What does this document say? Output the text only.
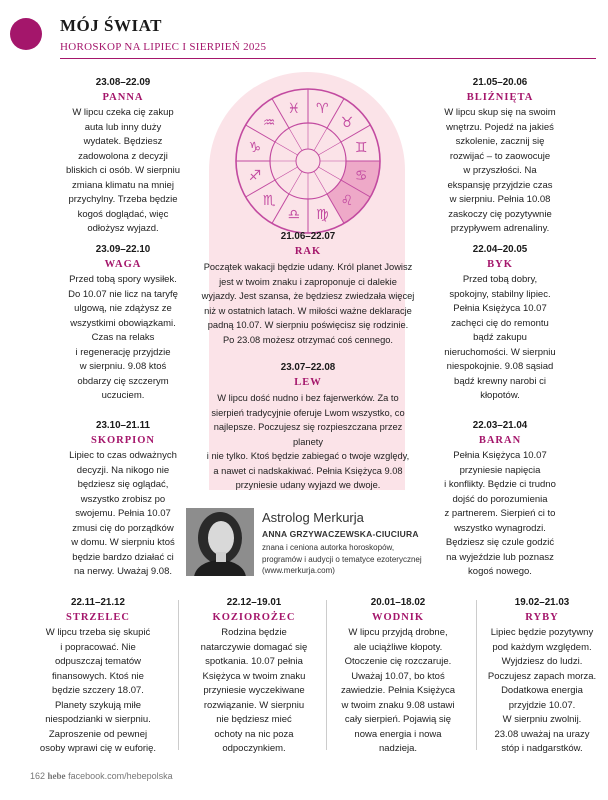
MÓJ ŚWIAT
HOROSKOP NA LIPIEC I SIERPIEŃ 2025
♈
♉
♊
♋
♌
♍
♎
♏
♐
♑
♒
♓
23.08–22.09
PANNA
W lipcu czeka cię zakup
auta lub inny duży
wydatek. Będziesz
zadowolona z decyzji
bliskich ci osób. W sierpniu
zmiana klimatu na mniej
przychylny. Trzeba będzie
kogoś doglądać, więc
odłożysz wyjazd.
23.09–22.10
WAGA
Przed tobą spory wysiłek.
Do 10.07 nie licz na taryfę
ulgową, nie zdążysz ze
wszystkimi obowiązkami.
Czas na relaks
i regenerację przyjdzie
w sierpniu. 9.08 ktoś
obdarzy cię szczerym
uczuciem.
23.10–21.11
SKORPION
Lipiec to czas odważnych
decyzji. Na nikogo nie
będziesz się oglądać,
wszystko zrobisz po
swojemu. Pełnia 10.07
zmusi cię do porządków
w domu. W sierpniu ktoś
będzie bardzo działać ci
na nerwy. Uważaj 9.08.
21.05–20.06
BLIŹNIĘTA
W lipcu skup się na swoim
wnętrzu. Pojedź na jakieś
szkolenie, zacznij się
rozwijać – to zaowocuje
w przyszłości. Na
ekspansję przyjdzie czas
w sierpniu. Pełnia 10.08
zaskoczy cię pozytywnie
przypływem adrenaliny.
22.04–20.05
BYK
Przed tobą dobry,
spokojny, stabilny lipiec.
Pełnia Księżyca 10.07
zachęci cię do remontu
bądź zakupu
nieruchomości. W sierpniu
niespokojnie. 9.08 sąsiad
bądź krewny narobi ci
kłopotów.
22.03–21.04
BARAN
Pełnia Księżyca 10.07
przyniesie napięcia
i konflikty. Będzie ci trudno
dojść do porozumienia
z partnerem. Sierpień ci to
wszystko wynagrodzi.
Będziesz się czule godzić
na wyjeździe lub poznasz
kogoś nowego.
21.06–22.07
RAK
Początek wakacji będzie udany. Król planet Jowisz
jest w twoim znaku i zaproponuje ci dalekie
wyjazdy. Jest szansa, że będziesz zwiedzała więcej
niż w ostatnich latach. W miłości ważne deklaracje
padną 10.07. W sierpniu poświęcisz się rodzinie.
Po 23.08 możesz otrzymać coś cennego.
23.07–22.08
LEW
W lipcu dość nudno i bez fajerwerków. Za to
sierpień tradycyjnie oferuje Lwom wszystko, co
najlepsze. Poczujesz się rozpieszczana przez planety
i nie tylko. Ktoś będzie zabiegać o twoje względy,
a nawet ci nadskakiwać. Pełnia Księżyca 9.08
przyniesie udany wyjazd we dwoje.
Astrolog Merkurja
ANNA GRZYWACZEWSKA-CIUCIURA
znana i ceniona autorka horoskopów,
programów i audycji o tematyce ezoterycznej
(www.merkurja.com)
22.11–21.12
STRZELEC
W lipcu trzeba się skupić
i popracować. Nie
odpuszczaj tematów
finansowych. Ktoś nie
będzie szczery 18.07.
Planety szykują miłe
niespodzianki w sierpniu.
Zaproszenie od pewnej
osoby wprawi cię w euforię.
22.12–19.01
KOZIOROŻEC
Rodzina będzie
natarczywie domagać się
spotkania. 10.07 pełnia
Księżyca w twoim znaku
przyniesie wyczekiwane
rozwiązanie. W sierpniu
nie będziesz mieć
ochoty na nic poza
odpoczynkiem.
20.01–18.02
WODNIK
W lipcu przyjdą drobne,
ale uciążliwe kłopoty.
Otoczenie cię rozczaruje.
Uważaj 10.07, bo ktoś
zawiedzie. Pełnia Księżyca
w twoim znaku 9.08 ustawi
cały sierpień. Pojawią się
nowa energia i nowa
nadzieja.
19.02–21.03
RYBY
Lipiec będzie pozytywny
pod każdym względem.
Wyjdziesz do ludzi.
Poczujesz zapach morza.
Dodatkowa energia
przyjdzie 10.07.
W sierpniu zwolnij.
23.08 uważaj na urazy
stóp i nadgarstków.
162 hebe facebook.com/hebepolska
